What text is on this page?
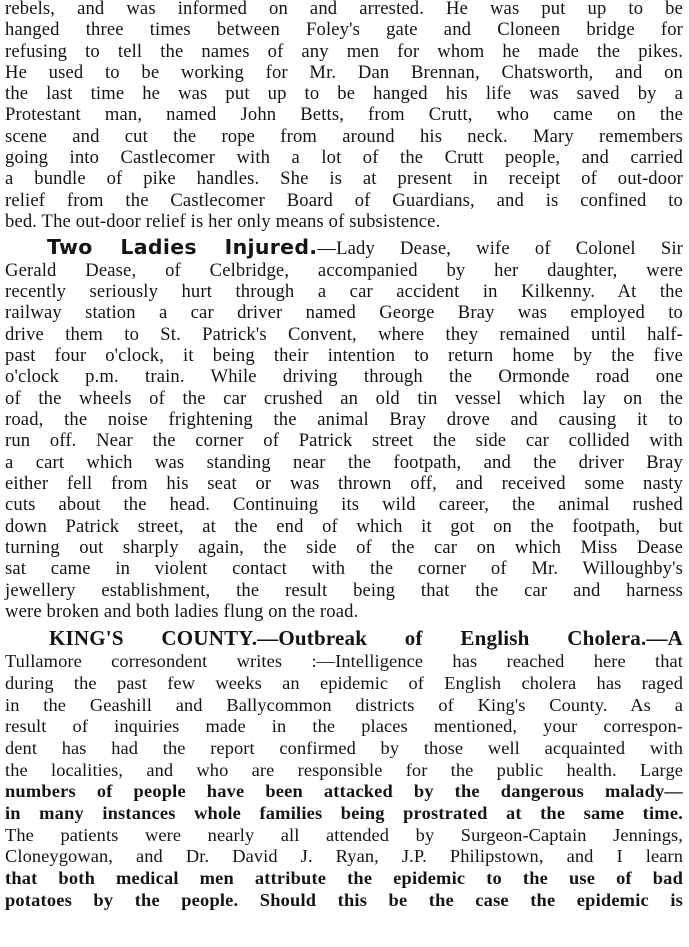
rebels, and was informed on and arrested. He was put up to be
hanged three times between Foley's gate and Cloneen bridge for
refusing to tell the names of any men for whom he made the pikes.
He used to be working for Mr. Dan Brennan, Chatsworth, and on
the last time he was put up to be hanged his life was saved by a
Protestant man, named John Betts, from Crutt, who came on the
scene and cut the rope from around his neck. Mary remembers
going into Castlecomer with a lot of the Crutt people, and carried
a bundle of pike handles. She is at present in receipt of out-door
relief from the Castlecomer Board of Guardians, and is confined to
bed. The out-door relief is her only means of subsistence.
Two Ladies Injured.—Lady Dease, wife of Colonel Sir
Gerald Dease, of Celbridge, accompanied by her daughter, were
recently seriously hurt through a car accident in Kilkenny. At the
railway station a car driver named George Bray was employed to
drive them to St. Patrick's Convent, where they remained until half-
past four o'clock, it being their intention to return home by the five
o'clock p.m. train. While driving through the Ormonde road one
of the wheels of the car crushed an old tin vessel which lay on the
road, the noise frightening the animal Bray drove and causing it to
run off. Near the corner of Patrick street the side car collided with
a cart which was standing near the footpath, and the driver Bray
either fell from his seat or was thrown off, and received some nasty
cuts about the head. Continuing its wild career, the animal rushed
down Patrick street, at the end of which it got on the footpath, but
turning out sharply again, the side of the car on which Miss Dease
sat came in violent contact with the corner of Mr. Willoughby's
jewellery establishment, the result being that the car and harness
were broken and both ladies flung on the road.
KING'S COUNTY.—Outbreak of English Cholera.—A
Tullamore corresondent writes :—Intelligence has reached here that
during the past few weeks an epidemic of English cholera has raged
in the Geashill and Ballycommon districts of King's County. As a
result of inquiries made in the places mentioned, your correspon-
dent has had the report confirmed by those well acquainted with
the localities, and who are responsible for the public health. Large
numbers of people have been attacked by the dangerous malady—
in many instances whole families being prostrated at the same time.
The patients were nearly all attended by Surgeon-Captain Jennings,
Cloneygowan, and Dr. David J. Ryan, J.P. Philipstown, and I learn
that both medical men attribute the epidemic to the use of bad
potatoes by the people. Should this be the case the epidemic is
